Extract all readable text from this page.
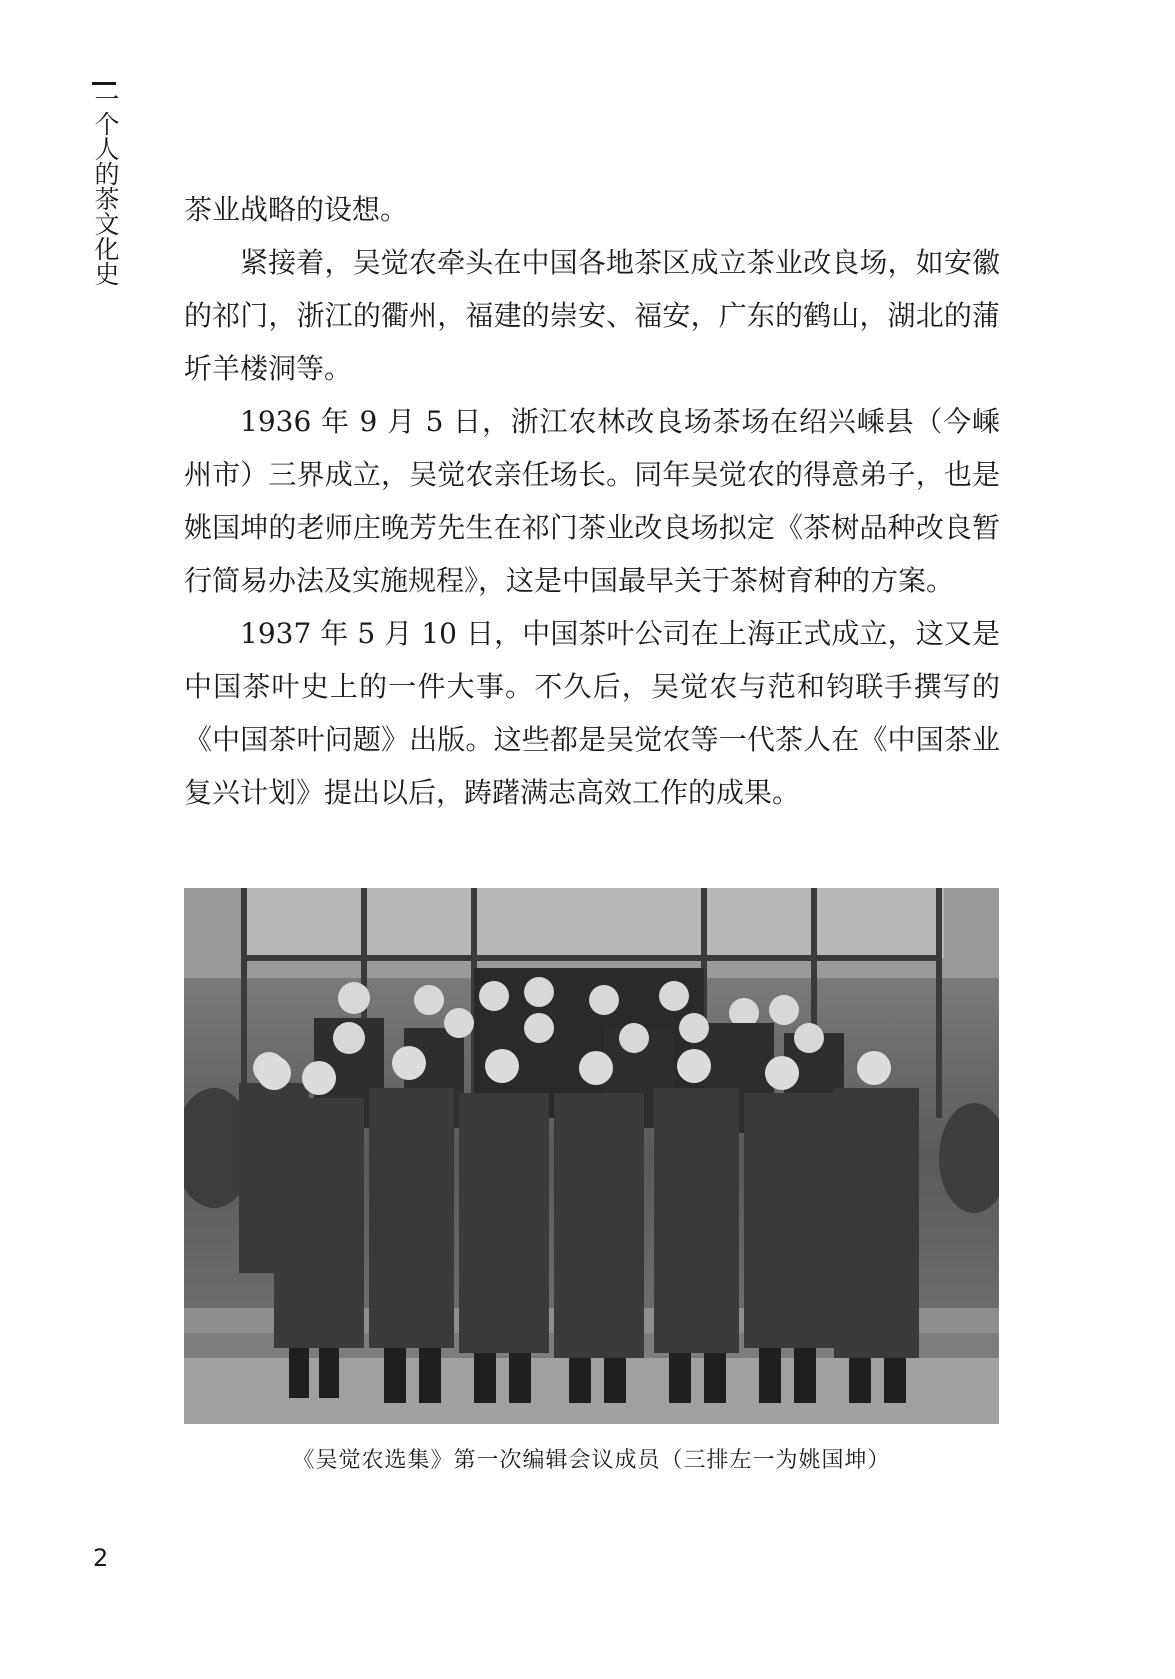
一个人的茶文化史 茶业战略的设想。

紧接着，吴觉农牵头在中国各地茶区成立茶业改良场，如安徽的祁门，浙江的衢州，福建的崇安、福安，广东的鹤山，湖北的蒲圻羊楼洞等。

1936 年 9 月 5 日，浙江农林改良场茶场在绍兴嵊县（今嵊州市）三界成立，吴觉农亲任场长。同年吴觉农的得意弟子，也是姚国坤的老师庄晚芳先生在祁门茶业改良场拟定《茶树品种改良暂行简易办法及实施规程》，这是中国最早关于茶树育种的方案。

1937 年 5 月 10 日，中国茶叶公司在上海正式成立，这又是中国茶叶史上的一件大事。不久后，吴觉农与范和钧联手撰写的《中国茶叶问题》出版。这些都是吴觉农等一代茶人在《中国茶业复兴计划》提出以后，踌躇满志高效工作的成果。

《吴觉农选集》第一次编辑会议成员（三排左一为姚国坤）
2
